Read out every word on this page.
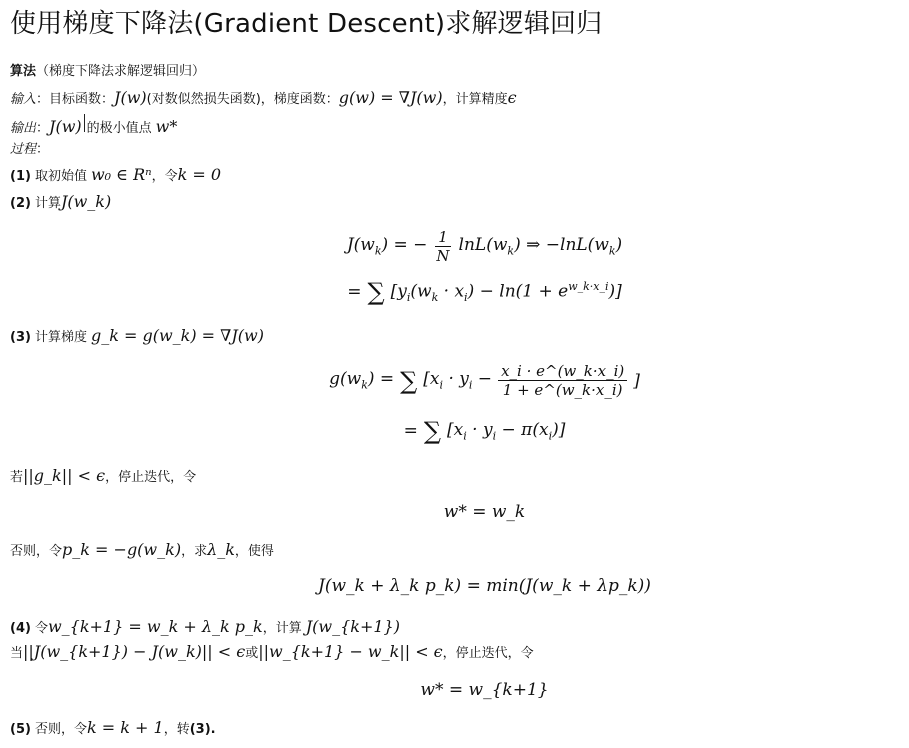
使用梯度下降法(Gradient Descent)求解逻辑回归
算法 （梯度下降法求解逻辑回归）
输入 ： 目标函数： J(w) (对数似然损失函数)，梯度函数： g(w) = ∇J(w) ，计算精度 ϵ
输出 ： J(w) 的极小值点 w*
过程 ：
(1) 取初始值 w₀ ∈ Rⁿ ，令 k = 0
(2) 计算 J(w_k)
$J(w_k)$ = − $\frac{1}{N} \ln L(w_k)$ ⇒ $-\ln L(w_k)$
= ∑ $[y_i(w_k \cdot x_i) - \ln(1 + e^{w\_k\cdot x\_i})]$
(3) 计算梯度 g_k = g(w_k) = ∇J(w)
$g(w_k)$ = ∑ [$x_i \cdot y_i - \frac{x\_i \cdot e\^{}(w\_k\cdot x\_i)}{1 + e\^{}(w\_k\cdot x\_i)}$ ]
= ∑ $[x_i \cdot y_i - \pi(x_i)]$
若 ||g_k|| < ϵ ，停止迭代，令
w* = w_k
否则，令 p_k = −g(w_k) ，求 λ_k ，使得
J(w_k + λ_k p_k) = min(J(w_k + λp_k))
(4) 令 w_{k+1} = w_k + λ_k p_k ，计算 J(w_{k+1})
当 ||J(w_{k+1}) − J(w_k)|| < ϵ 或 ||w_{k+1} − w_k|| < ϵ ，停止迭代，令
w* = w_{k+1}
(5) 否则，令 k = k + 1 ，转 (3).
